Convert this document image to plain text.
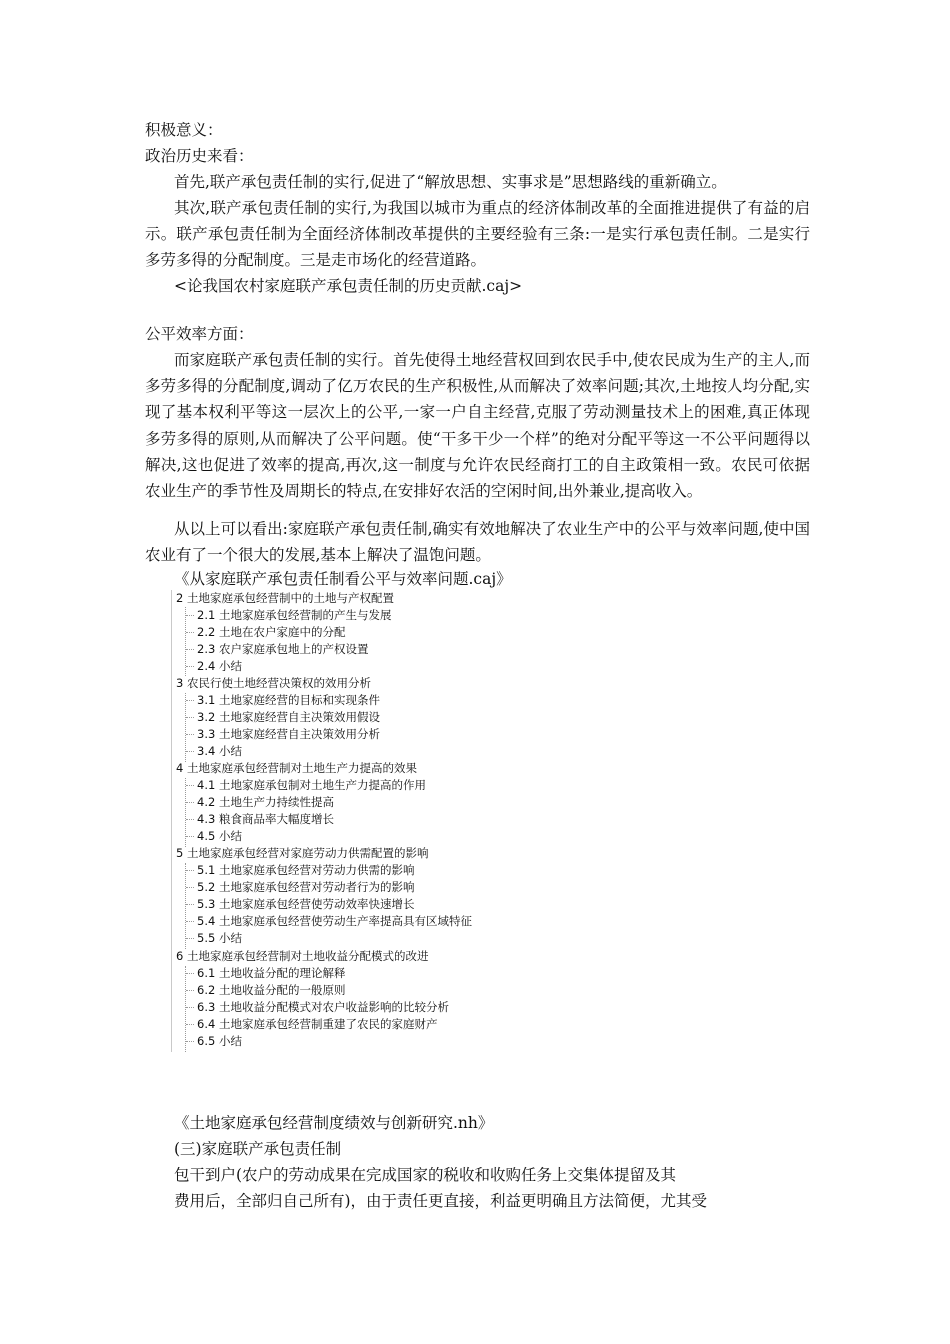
积极意义：
政治历史来看：
首先,联产承包责任制的实行,促进了“解放思想、实事求是”思想路线的重新确立。
其次,联产承包责任制的实行,为我国以城市为重点的经济体制改革的全面推进提供了有益的启示。联产承包责任制为全面经济体制改革提供的主要经验有三条:一是实行承包责任制。二是实行多劳多得的分配制度。三是走市场化的经营道路。
<论我国农村家庭联产承包责任制的历史贡献.caj>
公平效率方面：
而家庭联产承包责任制的实行。首先使得土地经营权回到农民手中,使农民成为生产的主人,而多劳多得的分配制度,调动了亿万农民的生产积极性,从而解决了效率问题;其次,土地按人均分配,实现了基本权利平等这一层次上的公平,一家一户自主经营,克服了劳动测量技术上的困难,真正体现多劳多得的原则,从而解决了公平问题。使“干多干少一个样”的绝对分配平等这一不公平问题得以解决,这也促进了效率的提高,再次,这一制度与允许农民经商打工的自主政策相一致。农民可依据农业生产的季节性及周期长的特点,在安排好农活的空闲时间,出外兼业,提高收入。
从以上可以看出:家庭联产承包责任制,确实有效地解决了农业生产中的公平与效率问题,使中国农业有了一个很大的发展,基本上解决了温饱问题。
《从家庭联产承包责任制看公平与效率问题.caj》
2 土地家庭承包经营制中的土地与产权配置
2.1 土地家庭承包经营制的产生与发展
2.2 土地在农户家庭中的分配
2.3 农户家庭承包地上的产权设置
2.4 小结
3 农民行使土地经营决策权的效用分析
3.1 土地家庭经营的目标和实现条件
3.2 土地家庭经营自主决策效用假设
3.3 土地家庭经营自主决策效用分析
3.4 小结
4 土地家庭承包经营制对土地生产力提高的效果
4.1 土地家庭承包制对土地生产力提高的作用
4.2 土地生产力持续性提高
4.3 粮食商品率大幅度增长
4.5 小结
5 土地家庭承包经营对家庭劳动力供需配置的影响
5.1 土地家庭承包经营对劳动力供需的影响
5.2 土地家庭承包经营对劳动者行为的影响
5.3 土地家庭承包经营使劳动效率快速增长
5.4 土地家庭承包经营使劳动生产率提高具有区域特征
5.5 小结
6 土地家庭承包经营制对土地收益分配模式的改进
6.1 土地收益分配的理论解释
6.2 土地收益分配的一般原则
6.3 土地收益分配模式对农户收益影响的比较分析
6.4 土地家庭承包经营制重建了农民的家庭财产
6.5 小结
《土地家庭承包经营制度绩效与创新研究.nh》
(三)家庭联产承包责任制
包干到户(农户的劳动成果在完成国家的税收和收购任务上交集体提留及其
费用后，全部归自己所有)，由于责任更直接，利益更明确且方法简便，尤其受
